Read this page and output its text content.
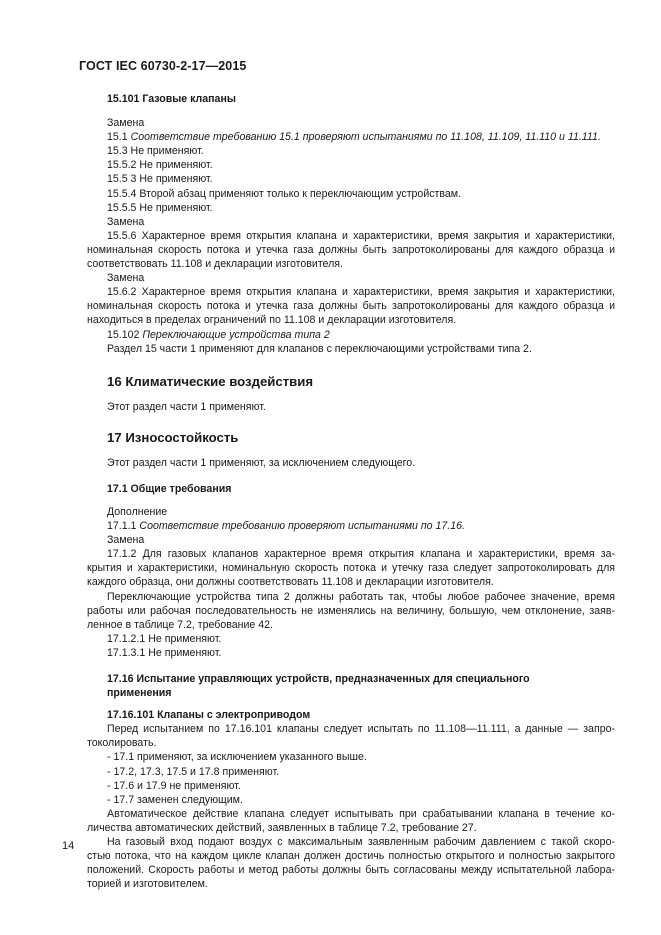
ГОСТ IEC 60730-2-17—2015

15.101 Газовые клапаны

Замена

15.1 Соответствие требованию 15.1 проверяют испытаниями по 11.108, 11.109, 11.110 и 11.111.

15.3 Не применяют.

15.5.2 Не применяют.

15.5 3 Не применяют.

15.5.4 Второй абзац применяют только к переключающим устройствам.

15.5.5 Не применяют.

Замена

15.5.6 Характерное время открытия клапана и характеристики, время закрытия и характеристики,

номинальная скорость потока и утечка газа должны быть запротоколированы для каждого образца и

соответствовать 11.108 и декларации изготовителя.

Замена

15.6.2 Характерное время открытия клапана и характеристики, время закрытия и характеристики,

номинальная скорость потока и утечка газа должны быть запротоколированы для каждого образца и

находиться в пределах ограничений по 11.108 и декларации изготовителя.

15.102 Переключающие устройства типа 2

Раздел 15 части 1 применяют для клапанов с переключающими устройствами типа 2.

16 Климатические воздействия

Этот раздел части 1 применяют.

17 Износостойкость

Этот раздел части 1 применяют, за исключением следующего.

17.1 Общие требования

Дополнение

17.1.1 Соответствие требованию проверяют испытаниями по 17.16.

Замена

17.1.2 Для газовых клапанов характерное время открытия клапана и характеристики, время за-

крытия и характеристики, номинальную скорость потока и утечку газа следует запротоколировать для

каждого образца, они должны соответствовать 11.108 и декларации изготовителя.

Переключающие устройства типа 2 должны работать так, чтобы любое рабочее значение, время

работы или рабочая последовательность не изменялись на величину, большую, чем отклонение, заяв-

ленное в таблице 7.2, требование 42.

17.1.2.1 Не применяют.

17.1.3.1 Не применяют.

17.16 Испытание управляющих устройств, предназначенных для специального
применения

17.16.101 Клапаны с электроприводом

Перед испытанием по 17.16.101 клапаны следует испытать по 11.108—11.111, а данные — запро-

токолировать.

- 17.1 применяют, за исключением указанного выше.

- 17.2, 17.3, 17.5 и 17.8 применяют.

- 17.6 и 17.9 не применяют.

- 17.7 заменен следующим.

Автоматическое действие клапана следует испытывать при срабатывании клапана в течение ко-

личества автоматических действий, заявленных в таблице 7.2, требование 27.

На газовый вход подают воздух с максимальным заявленным рабочим давлением с такой скоро-

стью потока, что на каждом цикле клапан должен достичь полностью открытого и полностью закрытого

положений. Скорость работы и метод работы должны быть согласованы между испытательной лабора-

торией и изготовителем.

14
